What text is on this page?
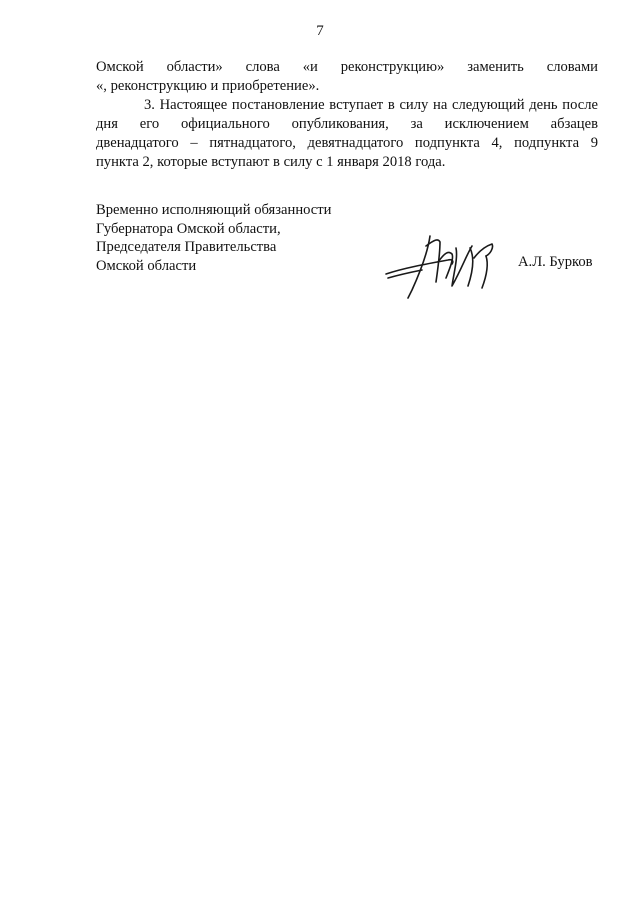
7
Омской области» слова «и реконструкцию» заменить словами
«, реконструкцию и приобретение».
3. Настоящее постановление вступает в силу на следующий день после
дня его официального опубликования, за исключением абзацев
двенадцатого – пятнадцатого, девятнадцатого подпункта 4, подпункта 9
пункта 2, которые вступают в силу с 1 января 2018 года.
Временно исполняющий обязанности
Губернатора Омской области,
Председателя Правительства
Омской области	А.Л. Бурков
